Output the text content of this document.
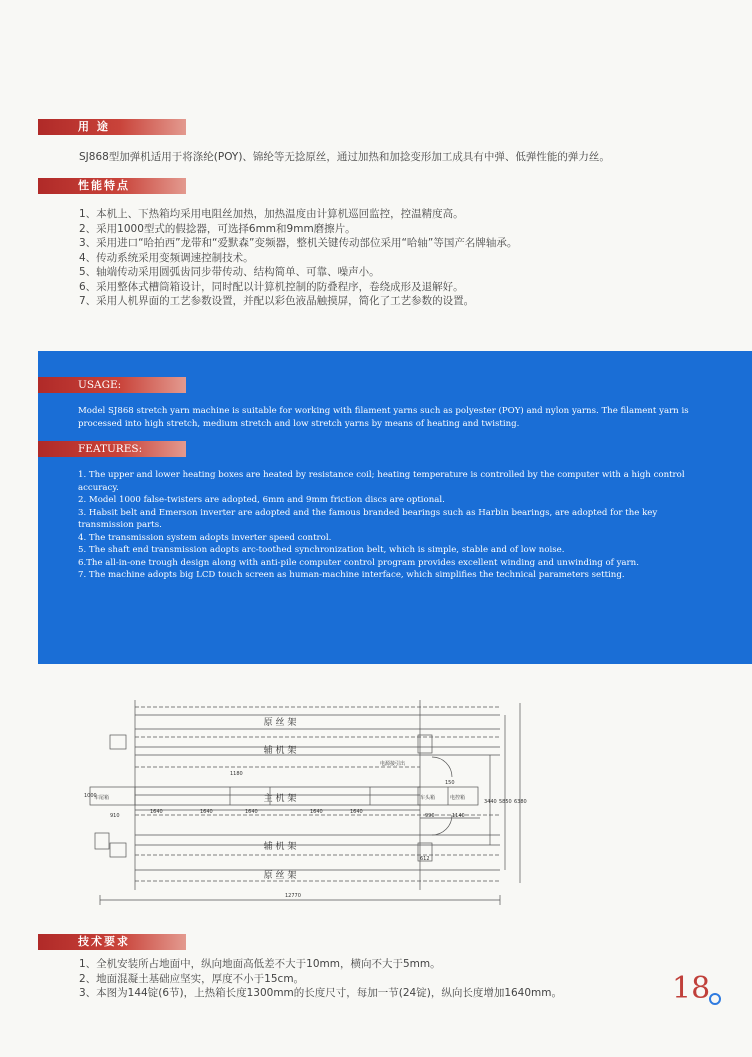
用 途
SJ868型加弹机适用于将涤纶(POY)、锦纶等无捻原丝，通过加热和加捻变形加工成具有中弹、低弹性能的弹力丝。
性能特点

1、本机上、下热箱均采用电阻丝加热，加热温度由计算机巡回监控，控温精度高。

2、采用1000型式的假捻器，可选择6mm和9mm磨擦片。

3、采用进口“哈拍西”龙带和“爱默森”变频器，整机关键传动部位采用“哈轴”等国产名牌轴承。

4、传动系统采用变频调速控制技术。

5、轴端传动采用圆弧齿同步带传动、结构简单、可靠、噪声小。

6、采用整体式槽筒箱设计，同时配以计算机控制的防叠程序，卷绕成形及退解好。

7、采用人机界面的工艺参数设置，并配以彩色液晶触摸屏，简化了工艺参数的设置。

USAGE:
Model SJ868 stretch yarn machine is suitable for working with filament yarns such as polyester (POY) and nylon yarns. The filament yarn is processed into high stretch, medium stretch and low stretch yarns by means of heating and twisting.
FEATURES:

1. The upper and lower heating boxes are heated by resistance coil; heating temperature is controlled by the computer with a high control accuracy.

2. Model 1000 false-twisters are adopted, 6mm and 9mm friction discs are optional.

3. Habsit belt and Emerson inverter are adopted and the famous branded bearings such as Harbin bearings, are adopted for the key transmission parts.

4. The transmission system adopts inverter speed control.

5. The shaft end transmission adopts arc-toothed synchronization belt, which is simple, stable and of low noise.

6.The all-in-one trough design along with anti-pile computer control program provides excellent winding and unwinding of yarn.

7. The machine adopts big LCD touch screen as human-machine interface, which simplifies the technical parameters setting.

原 丝 架
辅 机 架
主 机 架
辅 机 架
原 丝 架
车尾箱	车头箱	电控箱
电源接引出
1640	1640	1640	1640	1640
910
150
990	1140
612
12770
3440 5850 6380
1180
1000
技术要求

1、全机安装所占地面中，纵向地面高低差不大于10mm，横向不大于5mm。

2、地面混凝土基础应坚实，厚度不小于15cm。

3、本图为144锭(6节)，上热箱长度1300mm的长度尺寸，每加一节(24锭)，纵向长度增加1640mm。	18
